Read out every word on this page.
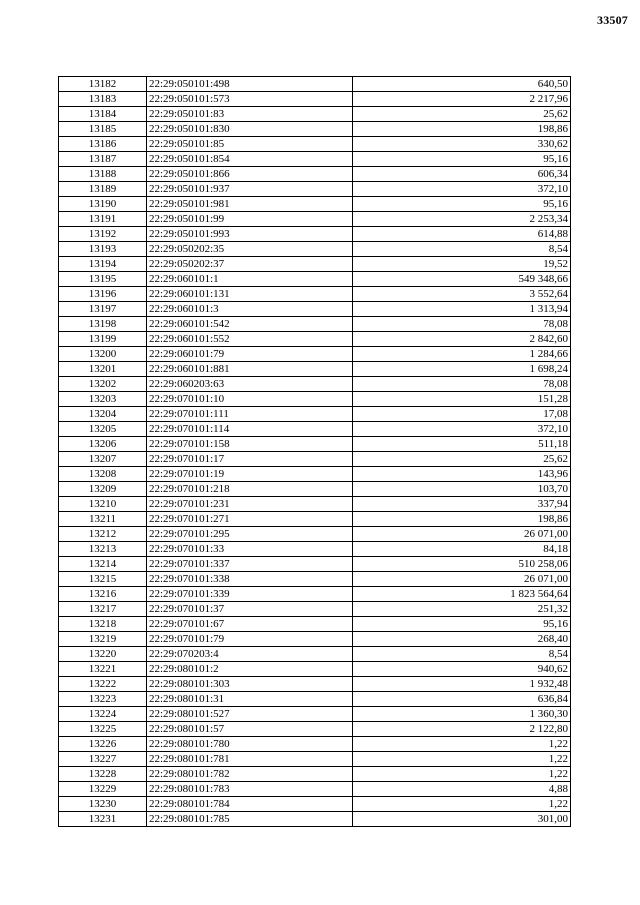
33507
13182	22:29:050101:498	640,50
13183	22:29:050101:573	2 217,96
13184	22:29:050101:83	25,62
13185	22:29:050101:830	198,86
13186	22:29:050101:85	330,62
13187	22:29:050101:854	95,16
13188	22:29:050101:866	606,34
13189	22:29:050101:937	372,10
13190	22:29:050101:981	95,16
13191	22:29:050101:99	2 253,34
13192	22:29:050101:993	614,88
13193	22:29:050202:35	8,54
13194	22:29:050202:37	19,52
13195	22:29:060101:1	549 348,66
13196	22:29:060101:131	3 552,64
13197	22:29:060101:3	1 313,94
13198	22:29:060101:542	78,08
13199	22:29:060101:552	2 842,60
13200	22:29:060101:79	1 284,66
13201	22:29:060101:881	1 698,24
13202	22:29:060203:63	78,08
13203	22:29:070101:10	151,28
13204	22:29:070101:111	17,08
13205	22:29:070101:114	372,10
13206	22:29:070101:158	511,18
13207	22:29:070101:17	25,62
13208	22:29:070101:19	143,96
13209	22:29:070101:218	103,70
13210	22:29:070101:231	337,94
13211	22:29:070101:271	198,86
13212	22:29:070101:295	26 071,00
13213	22:29:070101:33	84,18
13214	22:29:070101:337	510 258,06
13215	22:29:070101:338	26 071,00
13216	22:29:070101:339	1 823 564,64
13217	22:29:070101:37	251,32
13218	22:29:070101:67	95,16
13219	22:29:070101:79	268,40
13220	22:29:070203:4	8,54
13221	22:29:080101:2	940,62
13222	22:29:080101:303	1 932,48
13223	22:29:080101:31	636,84
13224	22:29:080101:527	1 360,30
13225	22:29:080101:57	2 122,80
13226	22:29:080101:780	1,22
13227	22:29:080101:781	1,22
13228	22:29:080101:782	1,22
13229	22:29:080101:783	4,88
13230	22:29:080101:784	1,22
13231	22:29:080101:785	301,00
